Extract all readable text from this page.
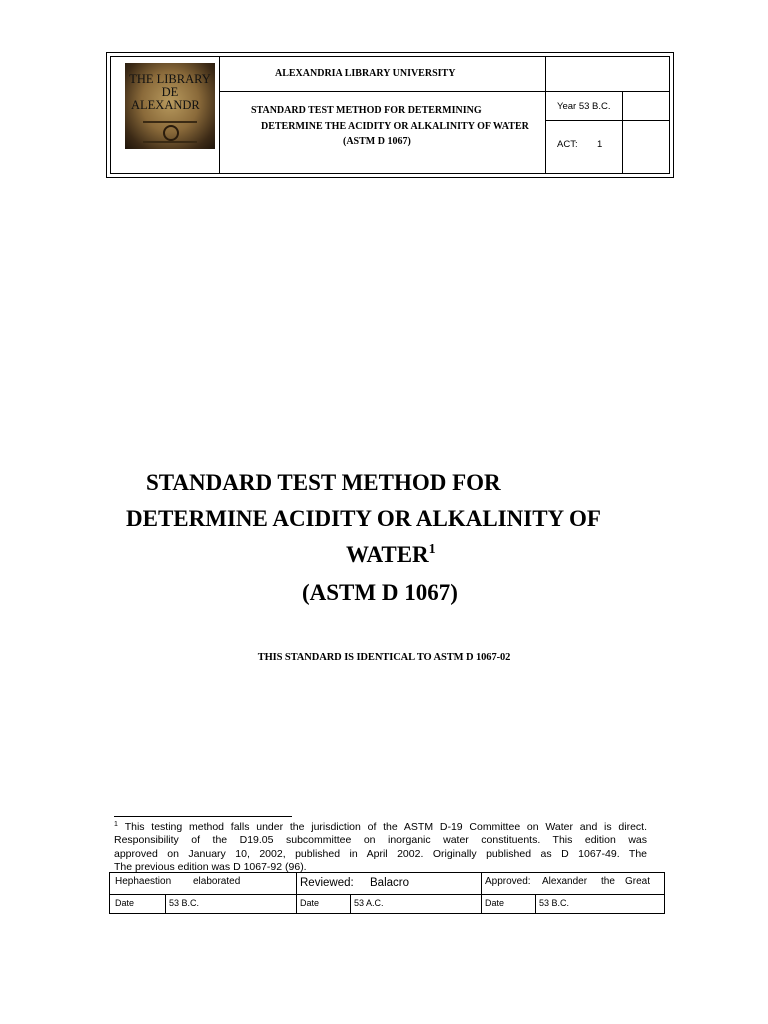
THE LIBRARY
DE
ALEXANDR
ALEXANDRIA LIBRARY UNIVERSITY
STANDARD TEST METHOD FOR DETERMINING
DETERMINE THE ACIDITY OR ALKALINITY OF WATER
(ASTM D 1067)
Year 53 B.C.
ACT: 1
STANDARD TEST METHOD FOR
DETERMINE ACIDITY OR ALKALINITY OF
WATER$^1$
(ASTM D 1067)
THIS STANDARD IS IDENTICAL TO ASTM D 1067-02
$^1$ This testing method falls under the jurisdiction of the ASTM D-19 Committee on Water and is direct.
Responsibility of the D19.05 subcommittee on inorganic water constituents. This edition was
approved on January 10, 2002, published in April 2002. Originally published as D 1067-49. The
The previous edition was D 1067-92 (96).
Hephaestion elaborated	Reviewed: Balacro	Approved: Alexander the Great
Date	53 B.C.	Date	53 A.C.	Date	53 B.C.
